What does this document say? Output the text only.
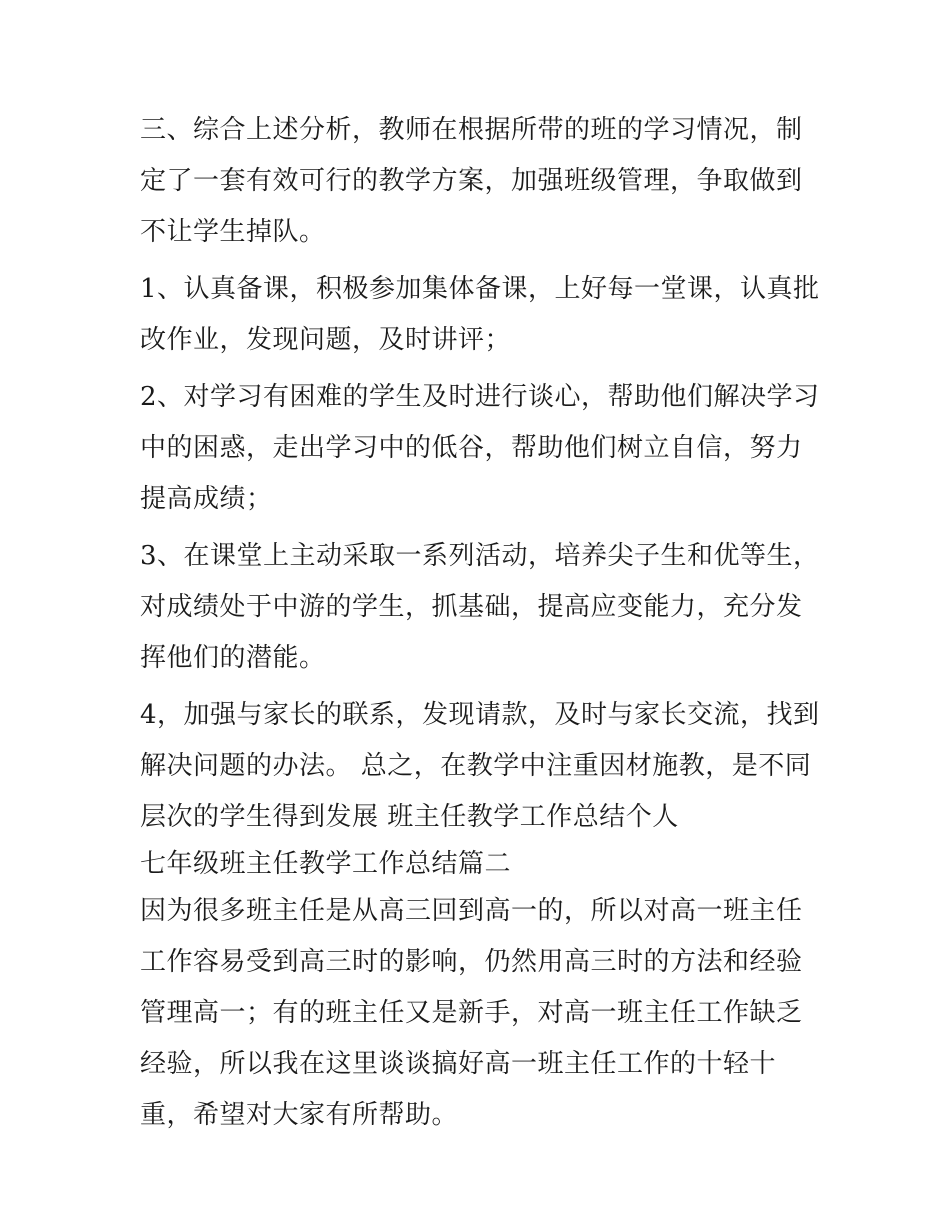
三、综合上述分析，教师在根据所带的班的学习情况，制定了一套有效可行的教学方案，加强班级管理，争取做到不让学生掉队。

1、认真备课，积极参加集体备课，上好每一堂课，认真批改作业，发现问题，及时讲评；

2、对学习有困难的学生及时进行谈心，帮助他们解决学习中的困惑，走出学习中的低谷，帮助他们树立自信，努力提高成绩；

3、在课堂上主动采取一系列活动，培养尖子生和优等生，对成绩处于中游的学生，抓基础，提高应变能力，充分发挥他们的潜能。

4，加强与家长的联系，发现请款，及时与家长交流，找到解决问题的办法。 总之，在教学中注重因材施教，是不同层次的学生得到发展 班主任教学工作总结个人

七年级班主任教学工作总结篇二

因为很多班主任是从高三回到高一的，所以对高一班主任工作容易受到高三时的影响，仍然用高三时的方法和经验管理高一；有的班主任又是新手，对高一班主任工作缺乏经验，所以我在这里谈谈搞好高一班主任工作的十轻十重，希望对大家有所帮助。
